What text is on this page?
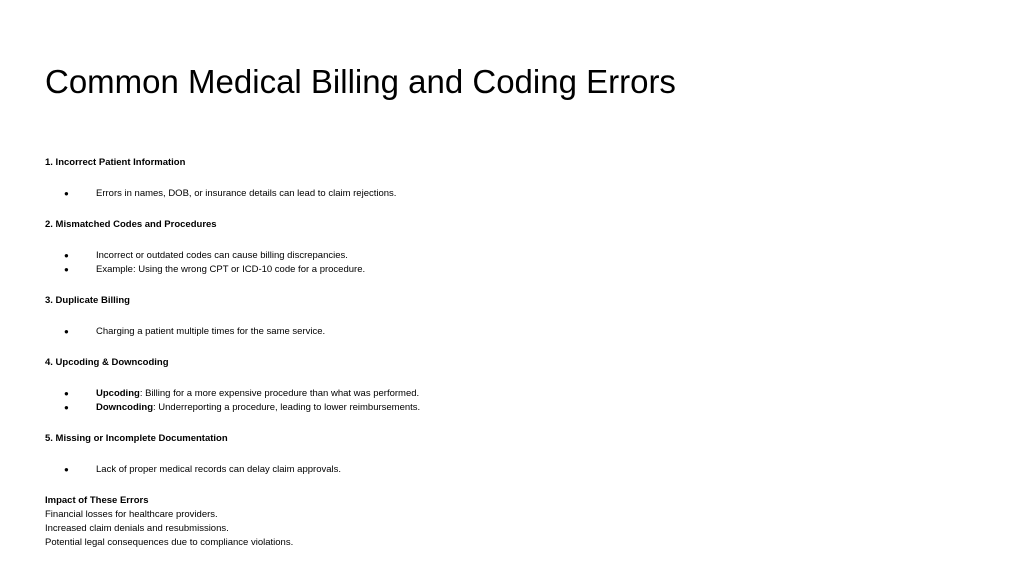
Common Medical Billing and Coding Errors
1. Incorrect Patient Information
●	Errors in names, DOB, or insurance details can lead to claim rejections.
2. Mismatched Codes and Procedures
●	Incorrect or outdated codes can cause billing discrepancies.
●	Example: Using the wrong CPT or ICD-10 code for a procedure.
3. Duplicate Billing
●	Charging a patient multiple times for the same service.
4. Upcoding & Downcoding
●	Upcoding: Billing for a more expensive procedure than what was performed.
●	Downcoding: Underreporting a procedure, leading to lower reimbursements.
5. Missing or Incomplete Documentation
●	Lack of proper medical records can delay claim approvals.
Impact of These Errors
Financial losses for healthcare providers.
Increased claim denials and resubmissions.
Potential legal consequences due to compliance violations.
